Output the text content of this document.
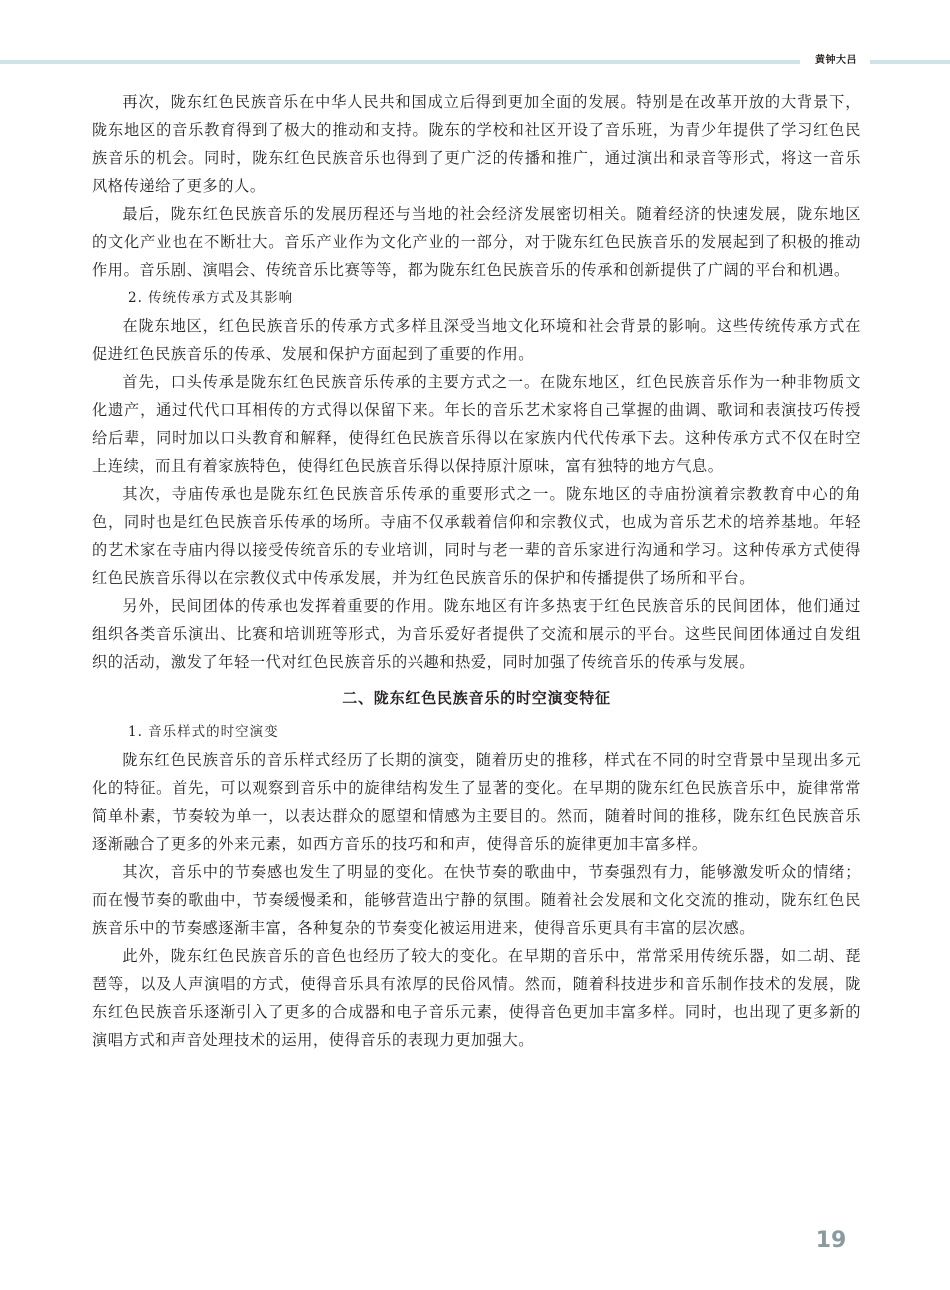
黄钟大吕

再次，陇东红色民族音乐在中华人民共和国成立后得到更加全面的发展。特别是在改革开放的大背景下，陇东地区的音乐教育得到了极大的推动和支持。陇东的学校和社区开设了音乐班，为青少年提供了学习红色民族音乐的机会。同时，陇东红色民族音乐也得到了更广泛的传播和推广，通过演出和录音等形式，将这一音乐风格传递给了更多的人。

最后，陇东红色民族音乐的发展历程还与当地的社会经济发展密切相关。随着经济的快速发展，陇东地区的文化产业也在不断壮大。音乐产业作为文化产业的一部分，对于陇东红色民族音乐的发展起到了积极的推动作用。音乐剧、演唱会、传统音乐比赛等等，都为陇东红色民族音乐的传承和创新提供了广阔的平台和机遇。

2. 传统传承方式及其影响

在陇东地区，红色民族音乐的传承方式多样且深受当地文化环境和社会背景的影响。这些传统传承方式在促进红色民族音乐的传承、发展和保护方面起到了重要的作用。

首先，口头传承是陇东红色民族音乐传承的主要方式之一。在陇东地区，红色民族音乐作为一种非物质文化遗产，通过代代口耳相传的方式得以保留下来。年长的音乐艺术家将自己掌握的曲调、歌词和表演技巧传授给后辈，同时加以口头教育和解释，使得红色民族音乐得以在家族内代代传承下去。这种传承方式不仅在时空上连续，而且有着家族特色，使得红色民族音乐得以保持原汁原味，富有独特的地方气息。

其次，寺庙传承也是陇东红色民族音乐传承的重要形式之一。陇东地区的寺庙扮演着宗教教育中心的角色，同时也是红色民族音乐传承的场所。寺庙不仅承载着信仰和宗教仪式，也成为音乐艺术的培养基地。年轻的艺术家在寺庙内得以接受传统音乐的专业培训，同时与老一辈的音乐家进行沟通和学习。这种传承方式使得红色民族音乐得以在宗教仪式中传承发展，并为红色民族音乐的保护和传播提供了场所和平台。

另外，民间团体的传承也发挥着重要的作用。陇东地区有许多热衷于红色民族音乐的民间团体，他们通过组织各类音乐演出、比赛和培训班等形式，为音乐爱好者提供了交流和展示的平台。这些民间团体通过自发组织的活动，激发了年轻一代对红色民族音乐的兴趣和热爱，同时加强了传统音乐的传承与发展。

二、陇东红色民族音乐的时空演变特征

1. 音乐样式的时空演变

陇东红色民族音乐的音乐样式经历了长期的演变，随着历史的推移，样式在不同的时空背景中呈现出多元化的特征。首先，可以观察到音乐中的旋律结构发生了显著的变化。在早期的陇东红色民族音乐中，旋律常常简单朴素，节奏较为单一，以表达群众的愿望和情感为主要目的。然而，随着时间的推移，陇东红色民族音乐逐渐融合了更多的外来元素，如西方音乐的技巧和和声，使得音乐的旋律更加丰富多样。

其次，音乐中的节奏感也发生了明显的变化。在快节奏的歌曲中，节奏强烈有力，能够激发听众的情绪；而在慢节奏的歌曲中，节奏缓慢柔和，能够营造出宁静的氛围。随着社会发展和文化交流的推动，陇东红色民族音乐中的节奏感逐渐丰富，各种复杂的节奏变化被运用进来，使得音乐更具有丰富的层次感。

此外，陇东红色民族音乐的音色也经历了较大的变化。在早期的音乐中，常常采用传统乐器，如二胡、琵琶等，以及人声演唱的方式，使得音乐具有浓厚的民俗风情。然而，随着科技进步和音乐制作技术的发展，陇东红色民族音乐逐渐引入了更多的合成器和电子音乐元素，使得音色更加丰富多样。同时，也出现了更多新的演唱方式和声音处理技术的运用，使得音乐的表现力更加强大。

19
